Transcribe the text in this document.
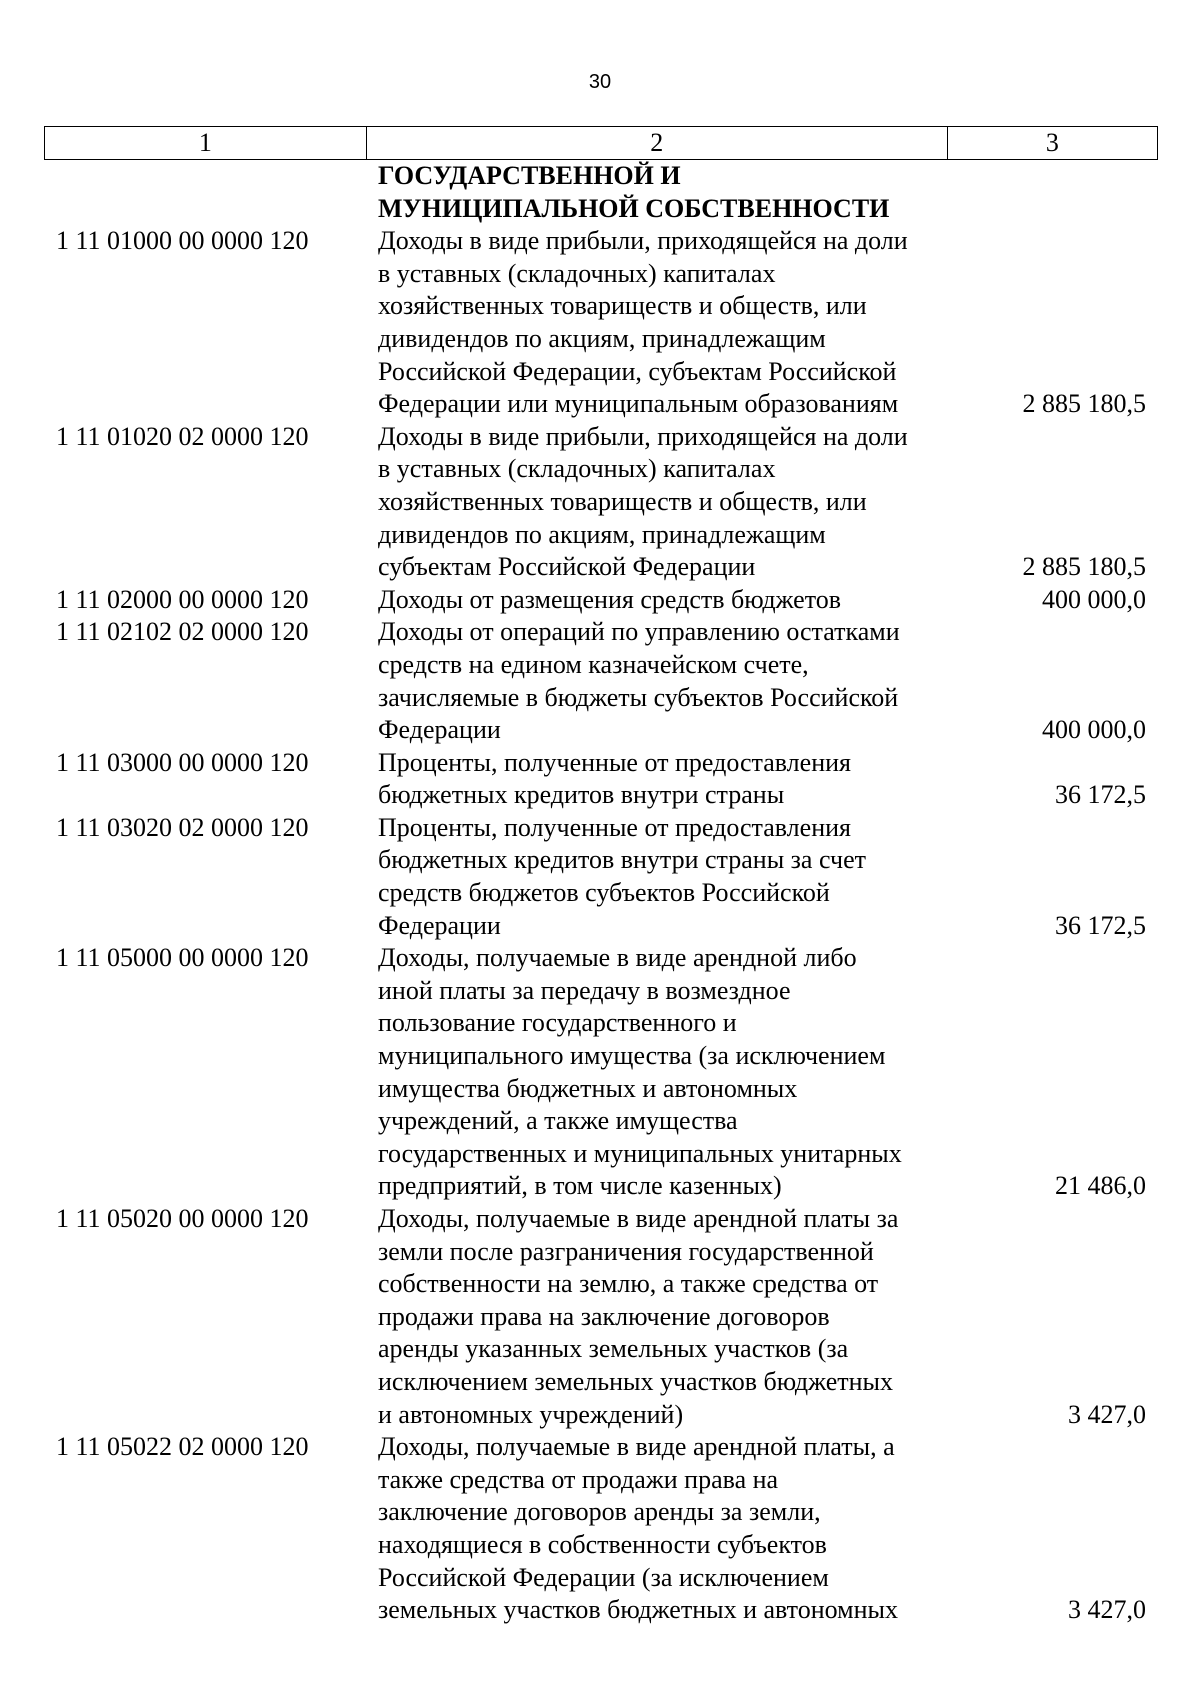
30
1	2	3
ГОСУДАРСТВЕННОЙ И
МУНИЦИПАЛЬНОЙ СОБСТВЕННОСТИ
1 11 01000 00 0000 120	Доходы в виде прибыли, приходящейся на доли
в уставных (складочных) капиталах
хозяйственных товариществ и обществ, или
дивидендов по акциям, принадлежащим
Российской Федерации, субъектам Российской
Федерации или муниципальным образованиям	2 885 180,5
1 11 01020 02 0000 120	Доходы в виде прибыли, приходящейся на доли
в уставных (складочных) капиталах
хозяйственных товариществ и обществ, или
дивидендов по акциям, принадлежащим
субъектам Российской Федерации	2 885 180,5
1 11 02000 00 0000 120	Доходы от размещения средств бюджетов	400 000,0
1 11 02102 02 0000 120	Доходы от операций по управлению остатками
средств на едином казначейском счете,
зачисляемые в бюджеты субъектов Российской
Федерации	400 000,0
1 11 03000 00 0000 120	Проценты, полученные от предоставления
бюджетных кредитов внутри страны	36 172,5
1 11 03020 02 0000 120	Проценты, полученные от предоставления
бюджетных кредитов внутри страны за счет
средств бюджетов субъектов Российской
Федерации	36 172,5
1 11 05000 00 0000 120	Доходы, получаемые в виде арендной либо
иной платы за передачу в возмездное
пользование государственного и
муниципального имущества (за исключением
имущества бюджетных и автономных
учреждений, а также имущества
государственных и муниципальных унитарных
предприятий, в том числе казенных)	21 486,0
1 11 05020 00 0000 120	Доходы, получаемые в виде арендной платы за
земли после разграничения государственной
собственности на землю, а также средства от
продажи права на заключение договоров
аренды указанных земельных участков (за
исключением земельных участков бюджетных
и автономных учреждений)	3 427,0
1 11 05022 02 0000 120	Доходы, получаемые в виде арендной платы, а
также средства от продажи права на
заключение договоров аренды за земли,
находящиеся в собственности субъектов
Российской Федерации (за исключением
земельных участков бюджетных и автономных	3 427,0
